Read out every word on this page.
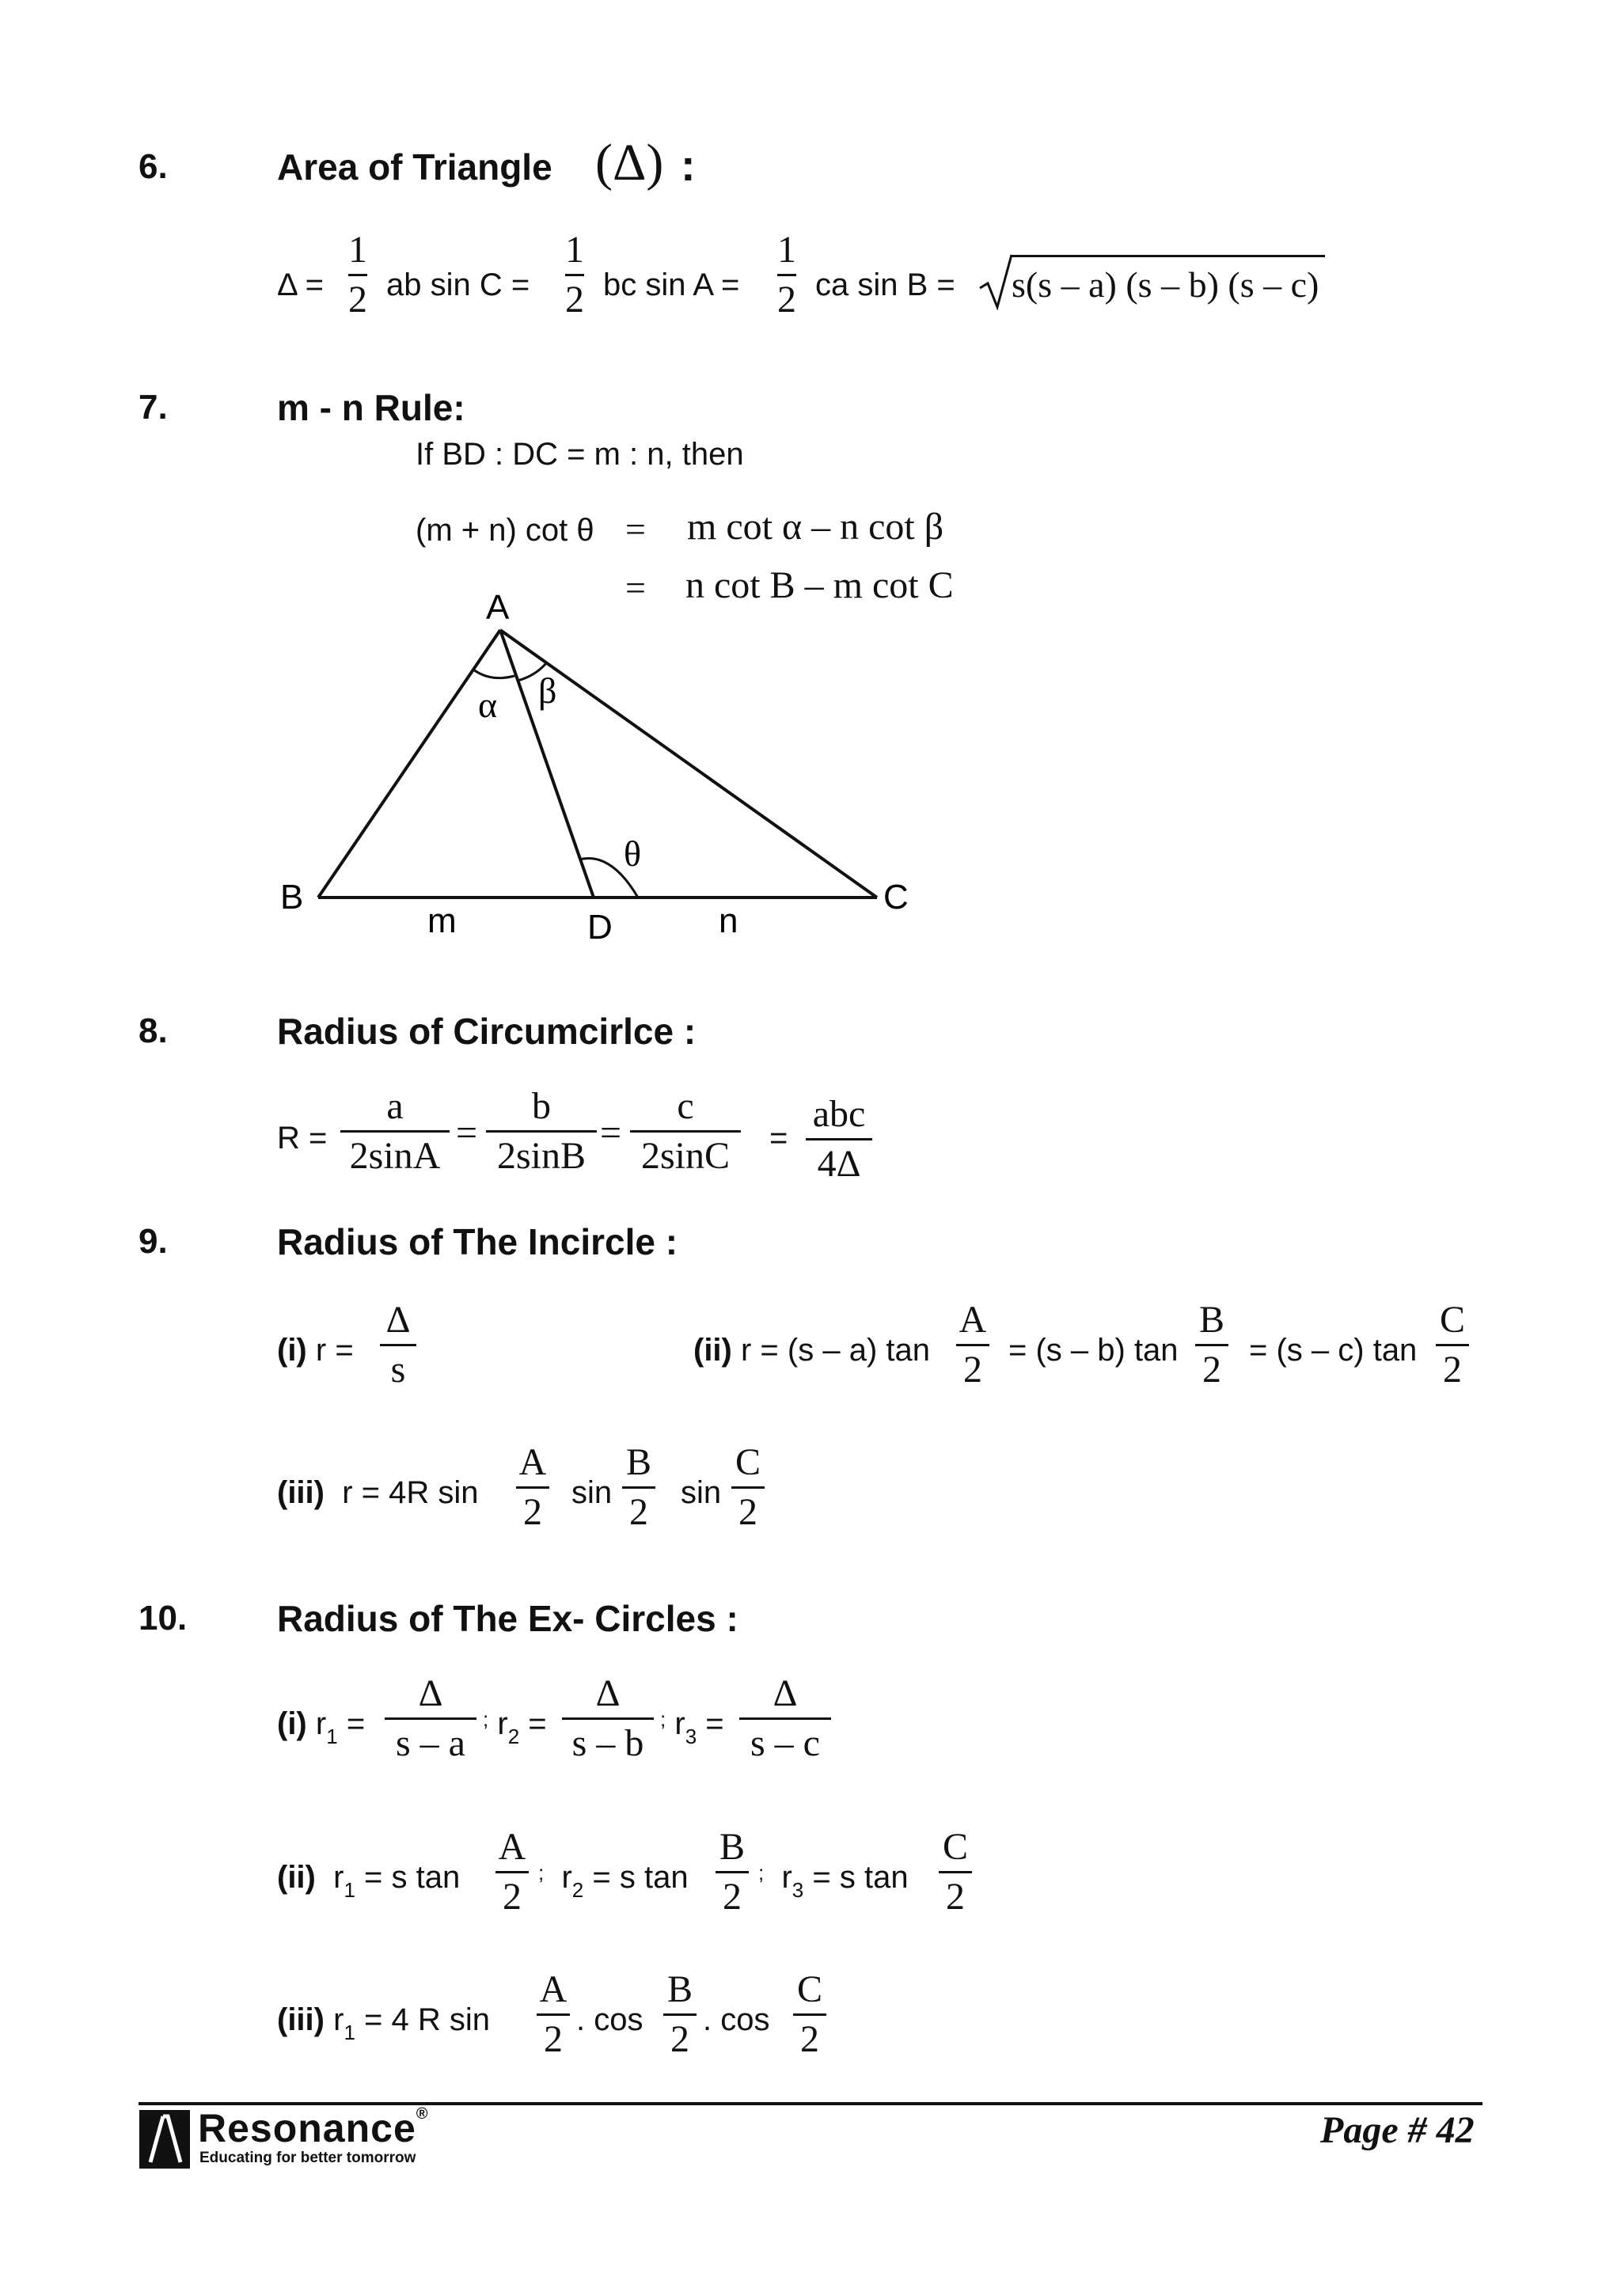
6.	Area of Triangle (Δ) :
Δ =
1
2 ab sin C =
1
2 bc sin A =
1
2 ca sin B = s(s – a) (s – b) (s – c)
7.	m - n Rule:
If BD : DC = m : n, then
(m + n) cot θ = m cot α – n cot β
= n cot B – m cot C
A
B	C
D
m	n
α β
θ
8.	Radius of Circumcirlce :
R =
a
2sinA
=
b
2sinB
=
c
2sinC =
abc
4Δ
9.	Radius of The Incircle :
(i) r =
Δ
s	(ii) r = (s – a) tan
A
2 = (s – b) tan
B
2 = (s – c) tan
C
2
(iii) r = 4R sin
A
2 sin
B
2 sin
C
2
10. Radius of The Ex- Circles :
(i) $r_1$ =
Δ
s – a
; $r_2$ =
Δ
s – b
; $r_3$ =
Δ
s – c
(ii) $r_1 = s$ tan
A
2
; $r_2 = s$ tan
B
2
; $r_3 = s$ tan
C
2
(iii) $r_1 = 4$ R sin
A
2 . cos
B
2 . cos
C
2
Resonance®
Educating for better tomorrow
Page # 42
